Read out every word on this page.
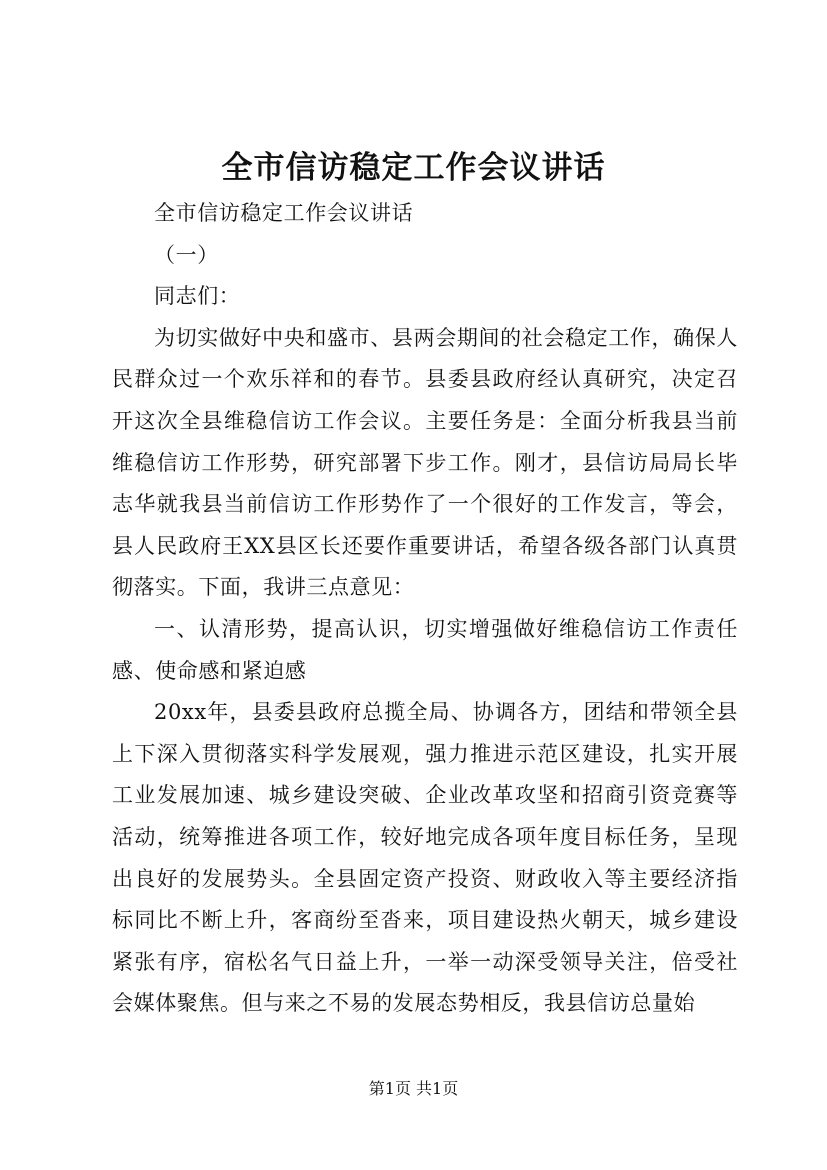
全市信访稳定工作会议讲话

全市信访稳定工作会议讲话

（一）

同志们：

为切实做好中央和盛市、县两会期间的社会稳定工作，确保人民群众过一个欢乐祥和的春节。县委县政府经认真研究，决定召开这次全县维稳信访工作会议。主要任务是：全面分析我县当前维稳信访工作形势，研究部署下步工作。刚才，县信访局局长毕志华就我县当前信访工作形势作了一个很好的工作发言，等会，县人民政府王XX县区长还要作重要讲话，希望各级各部门认真贯彻落实。下面，我讲三点意见：

一、认清形势，提高认识，切实增强做好维稳信访工作责任感、使命感和紧迫感

20xx年，县委县政府总揽全局、协调各方，团结和带领全县上下深入贯彻落实科学发展观，强力推进示范区建设，扎实开展工业发展加速、城乡建设突破、企业改革攻坚和招商引资竞赛等活动，统筹推进各项工作，较好地完成各项年度目标任务，呈现出良好的发展势头。全县固定资产投资、财政收入等主要经济指标同比不断上升，客商纷至沓来，项目建设热火朝天，城乡建设紧张有序，宿松名气日益上升，一举一动深受领导关注，倍受社会媒体聚焦。但与来之不易的发展态势相反，我县信访总量始

第1页 共1页
